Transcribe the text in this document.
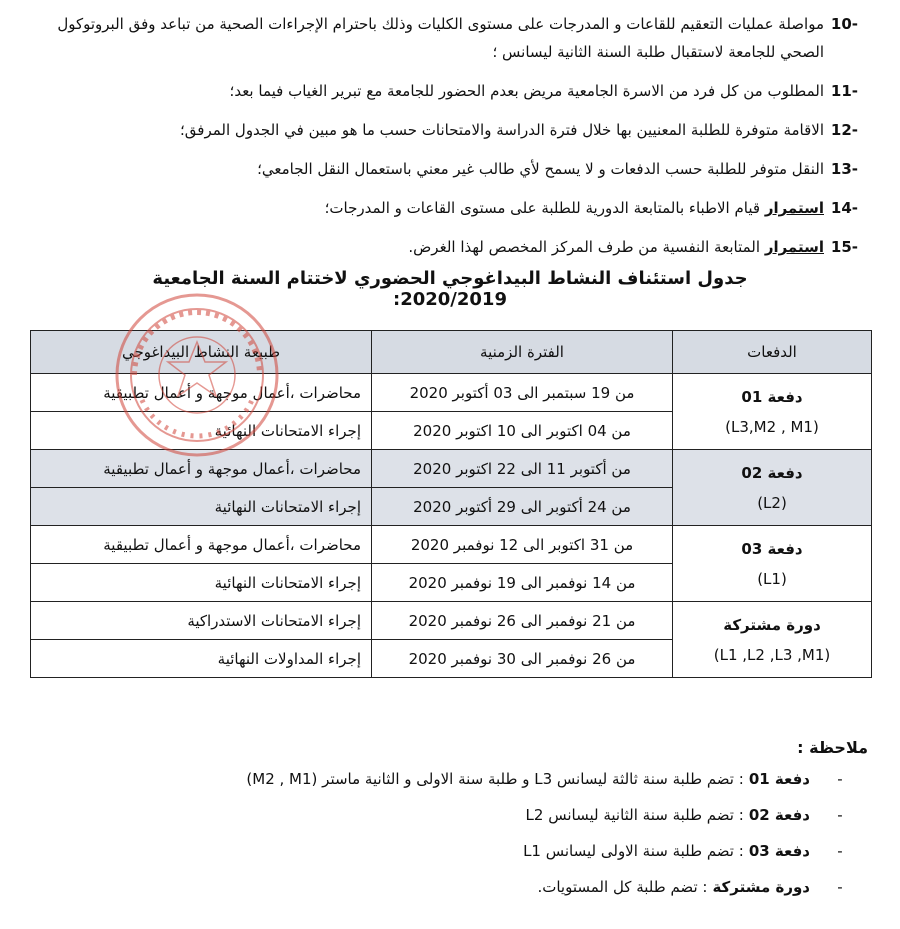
-10
مواصلة عمليات التعقيم للقاعات و المدرجات على مستوى الكليات وذلك باحترام الإجراءات الصحية من تباعد وفق البروتوكول الصحي للجامعة لاستقبال طلبة السنة الثانية ليسانس ؛
-11
المطلوب من كل فرد من الاسرة الجامعية مريض بعدم الحضور للجامعة مع تبرير الغياب فيما بعد؛
-12
الاقامة متوفرة للطلبة المعنيين بها خلال فترة الدراسة والامتحانات حسب ما هو مبين في الجدول المرفق؛
-13
النقل متوفر للطلبة حسب الدفعات و لا يسمح لأي طالب غير معني باستعمال النقل الجامعي؛
-14
استمرار قيام الاطباء بالمتابعة الدورية للطلبة على مستوى القاعات و المدرجات؛
-15
استمرار المتابعة النفسية من طرف المركز المخصص لهذا الغرض.
جدول استئناف النشاط البيداغوجي الحضوري لاختتام السنة الجامعية 2020/2019:
الدفعات	الفترة الزمنية	طبيعة النشاط البيداغوجي

دفعة 01
(L3,M2 , M1)	من 19 سبتمبر الى 03 أكتوبر 2020	محاضرات ،أعمال موجهة و أعمال تطبيقية
	من 04 اكتوبر الى 10 اكتوبر 2020	إجراء الامتحانات النهائية

دفعة 02
(L2)	من أكتوبر 11 الى 22 اكتوبر 2020	محاضرات ،أعمال موجهة و أعمال تطبيقية
	من 24 أكتوبر الى 29 أكتوبر 2020	إجراء الامتحانات النهائية

دفعة 03
(L1)	من 31 اكتوبر الى 12 نوفمبر 2020	محاضرات ،أعمال موجهة و أعمال تطبيقية
	من 14 نوفمبر الى 19 نوفمبر 2020	إجراء الامتحانات النهائية

دورة مشتركة
(L1 ,L2 ,L3 ,M1)	من 21 نوفمبر الى 26 نوفمبر 2020	إجراء الامتحانات الاستدراكية
	من 26 نوفمبر الى 30 نوفمبر 2020	إجراء المداولات النهائية
ملاحظة :
-
دفعة 01
: تضم طلبة سنة ثالثة ليسانس L3 و طلبة سنة الاولى و الثانية ماستر (M2 , M1)
-
دفعة 02
: تضم طلبة سنة الثانية ليسانس L2
-
دفعة 03
: تضم طلبة سنة الاولى ليسانس L1
-
دورة مشتركة
: تضم طلبة كل المستويات.
